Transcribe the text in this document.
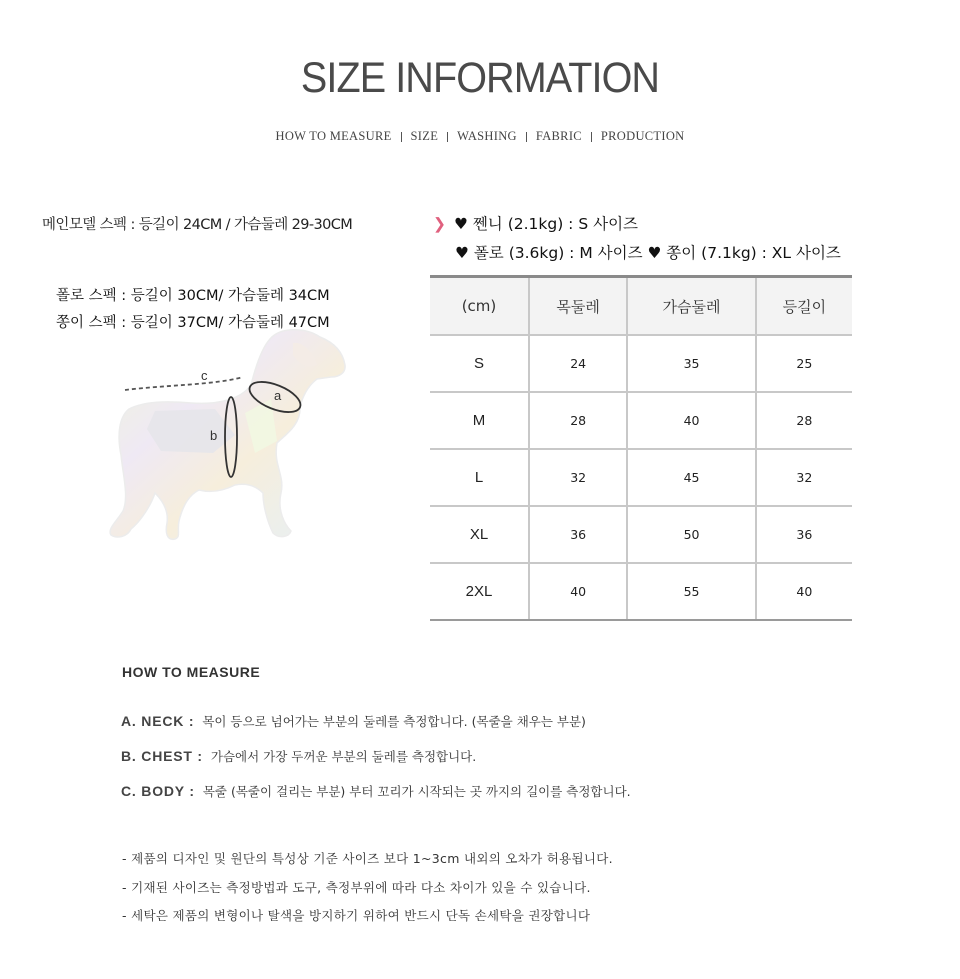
SIZE INFORMATION
HOW TO MEASURE SIZE WASHING FABRIC PRODUCTION
메인모델 스펙 : 등길이 24CM / 가슴둘레 29-30CM	❯ ♥ 쩬니 (2.1kg) : S 사이즈
♥ 폴로 (3.6kg) : M 사이즈 ♥ 쫑이 (7.1kg) : XL 사이즈
폴로 스펙 : 등길이 30CM/ 가슴둘레 34CM
쫑이 스펙 : 등길이 37CM/ 가슴둘레 47CM
c
a
b
(cm)	목둘레	가슴둘레	등길이
S	24	35	25
M	28	40	28
L	32	45	32
XL	36	50	36
2XL	40	55	40
HOW TO MEASURE
A. NECK : 목이 등으로 넘어가는 부분의 둘레를 측정합니다. (목줄을 채우는 부분)
B. CHEST : 가슴에서 가장 두꺼운 부분의 둘레를 측정합니다.
C. BODY : 목줄 (목줄이 걸리는 부분) 부터 꼬리가 시작되는 곳 까지의 길이를 측정합니다.
- 제품의 디자인 및 원단의 특성상 기준 사이즈 보다 1~3cm 내외의 오차가 허용됩니다.
- 기재된 사이즈는 측정방법과 도구, 측정부위에 따라 다소 차이가 있을 수 있습니다.
- 세탁은 제품의 변형이나 탈색을 방지하기 위하여 반드시 단독 손세탁을 권장합니다
